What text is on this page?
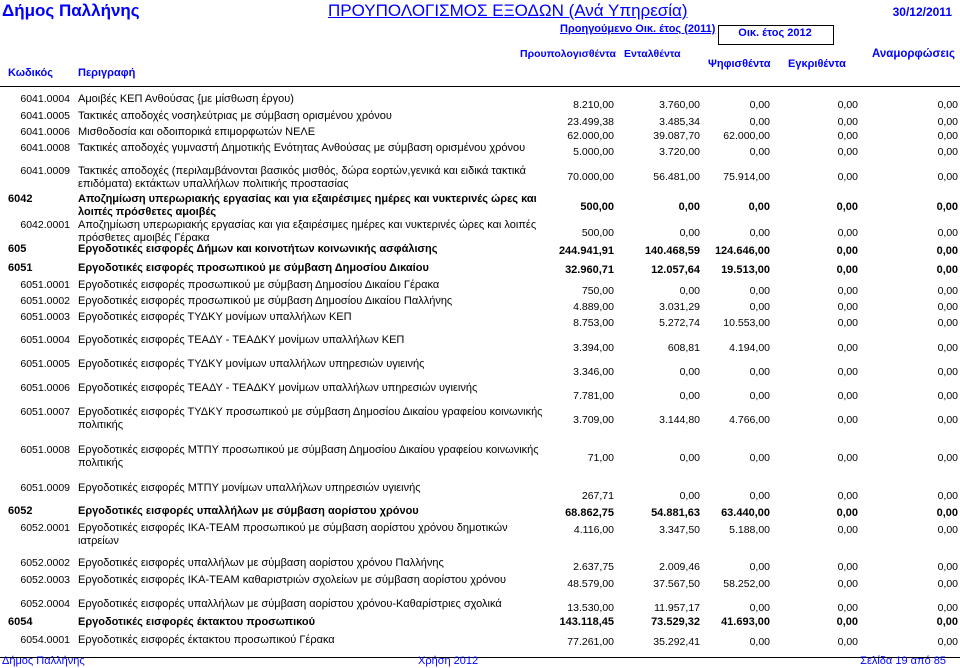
Δήμος Παλλήνης	ΠΡΟΥΠΟΛΟΓΙΣΜΟΣ ΕΞΟΔΩΝ (Ανά Υπηρεσία)	30/12/2011
Προηγούμενο Οικ. έτος (2011)	Οικ. έτος 2012
Κωδικός Περιγραφή
Προυπολογισθέντα Ενταλθέντα
Ψηφισθέντα Εγκριθέντα
Αναμορφώσεις
6041.0004 Αμοιβές ΚΕΠ Ανθούσας {με μίσθωση έργου)	8.210,00	3.760,00	0,00	0,00	0,00
6041.0005 Τακτικές αποδοχές νοσηλεύτριας με σύμβαση ορισμένου χρόνου	23.499,38	3.485,34	0,00	0,00	0,00
6041.0006 Μισθοδοσία και οδοιπορικά επιμορφωτών ΝΕΛΕ	62.000,00	39.087,70	62.000,00	0,00	0,00
6041.0008 Τακτικές αποδοχές γυμναστή Δημοτικής Ενότητας Ανθούσας με σύμβαση ορισμένου χρόνου	5.000,00	3.720,00	0,00	0,00	0,00
6041.0009 Τακτικές αποδοχές (περιλαμβάνονται βασικός μισθός, δώρα εορτών,γενικά και ειδικά τακτικά επιδόματα) εκτάκτων υπαλλήλων πολιτικής προστασίας
70.000,00	56.481,00	75.914,00	0,00	0,00
6042	Αποζημίωση υπερωριακής εργασίας και για εξαιρέσιμες ημέρες και νυκτερινές ώρες και λοιπές πρόσθετες αμοιβές	500,00	0,00	0,00	0,00	0,00
6042.0001 Αποζημίωση υπερωριακής εργασίας και για εξαιρέσιμες ημέρες και νυκτερινές ώρες και λοιπές πρόσθετες αμοιβές Γέρακα	500,00	0,00	0,00	0,00	0,00
605	Εργοδοτικές εισφορές Δήμων και κοινοτήτων κοινωνικής ασφάλισης	244.941,91	140.468,59	124.646,00	0,00	0,00
6051	Εργοδοτικές εισφορές προσωπικού με σύμβαση Δημοσίου Δικαίου	32.960,71	12.057,64	19.513,00	0,00	0,00
6051.0001 Εργοδοτικές εισφορές προσωπικού με σύμβαση Δημοσίου Δικαίου Γέρακα	750,00	0,00	0,00	0,00	0,00
6051.0002 Εργοδοτικές εισφορές προσωπικού με σύμβαση Δημοσίου Δικαίου Παλλήνης	4.889,00	3.031,29	0,00	0,00	0,00
6051.0003 Εργοδοτικές εισφορές ΤΥΔΚΥ μονίμων υπαλλήλων ΚΕΠ	8.753,00	5.272,74	10.553,00	0,00	0,00
6051.0004 Εργοδοτικές εισφορές ΤΕΑΔΥ - ΤΕΑΔΚΥ μονίμων υπαλλήλων ΚΕΠ
3.394,00	608,81	4.194,00	0,00	0,00
6051.0005 Εργοδοτικές εισφορές ΤΥΔΚΥ μονίμων υπαλλήλων υπηρεσιών υγιεινής
3.346,00	0,00	0,00	0,00	0,00
6051.0006 Εργοδοτικές εισφορές ΤΕΑΔΥ - ΤΕΑΔΚΥ μονίμων υπαλλήλων υπηρεσιών υγιεινής
7.781,00	0,00	0,00	0,00	0,00
6051.0007 Εργοδοτικές εισφορές ΤΥΔΚΥ προσωπικού με σύμβαση Δημοσίου Δικαίου γραφείου κοινωνικής πολιτικής	3.709,00	3.144,80	4.766,00	0,00	0,00
6051.0008 Εργοδοτικές εισφορές ΜΤΠΥ προσωπικού με σύμβαση Δημοσίου Δικαίου γραφείου κοινωνικής πολιτικής	71,00	0,00	0,00	0,00	0,00
6051.0009 Εργοδοτικές εισφορές ΜΤΠΥ μονίμων υπαλλήλων υπηρεσιών υγιεινής
267,71	0,00	0,00	0,00	0,00
6052	Εργοδοτικές εισφορές υπαλλήλων με σύμβαση αορίστου χρόνου	68.862,75	54.881,63	63.440,00	0,00	0,00
6052.0001 Εργοδοτικές εισφορές ΙΚΑ-ΤΕΑΜ προσωπικού με σύμβαση αορίστου χρόνου δημοτικών ιατρείων
4.116,00	3.347,50	5.188,00	0,00	0,00
6052.0002 Εργοδοτικές εισφορές υπαλλήλων με σύμβαση αορίστου χρόνου Παλλήνης	2.637,75	2.009,46	0,00	0,00	0,00
6052.0003 Εργοδοτικές εισφορές ΙΚΑ-ΤΕΑΜ καθαριστριών σχολείων με σύμβαση αορίστου χρόνου	48.579,00	37.567,50	58.252,00	0,00	0,00
6052.0004 Εργοδοτικές εισφορές υπαλλήλων με σύμβαση αορίστου χρόνου-Καθαρίστριες σχολικά	13.530,00	11.957,17	0,00	0,00	0,00
6054	Εργοδοτικές εισφορές έκτακτου προσωπικού	143.118,45	73.529,32	41.693,00	0,00	0,00
6054.0001 Εργοδοτικές εισφορές έκτακτου προσωπικού Γέρακα	77.261,00	35.292,41	0,00	0,00	0,00
Δήμος Παλλήνης	Χρήση 2012	Σελίδα 19 από 85
